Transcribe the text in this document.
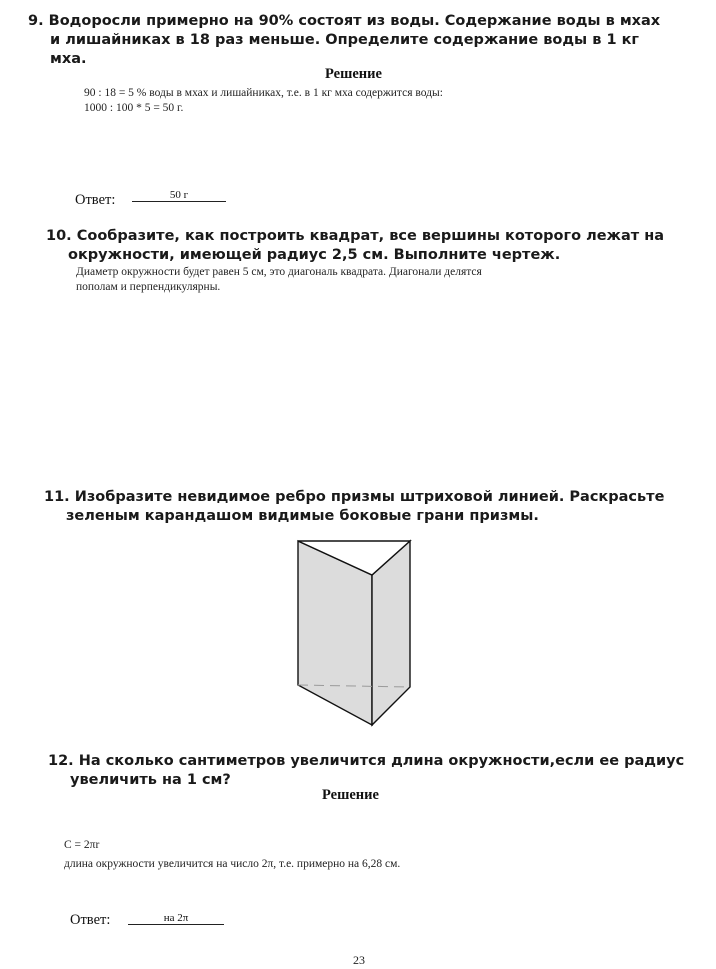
9. Водоросли примерно на 90% состоят из воды. Содержание воды в мхах
и лишайниках в 18 раз меньше. Определите содержание воды в 1 кг
мха.
Решение
90 : 18 = 5 % воды в мхах и лишайниках, т.е. в 1 кг мха содержится воды:
1000 : 100 * 5 = 50 г.
Ответ:	50 г
10. Сообразите, как построить квадрат, все вершины которого лежат на
окружности, имеющей радиус 2,5 см. Выполните чертеж.
Диаметр окружности будет равен 5 см, это диагональ квадрата. Диагонали делятся
пополам и перпендикулярны.
11. Изобразите невидимое ребро призмы штриховой линией. Раскрасьте
зеленым карандашом видимые боковые грани призмы.
12. На сколько сантиметров увеличится длина окружности,если ее радиус
увеличить на 1 см?
Решение
С = 2πr
длина окружности увеличится на число 2π, т.е. примерно на 6,28 см.
Ответ:	на 2π
23
